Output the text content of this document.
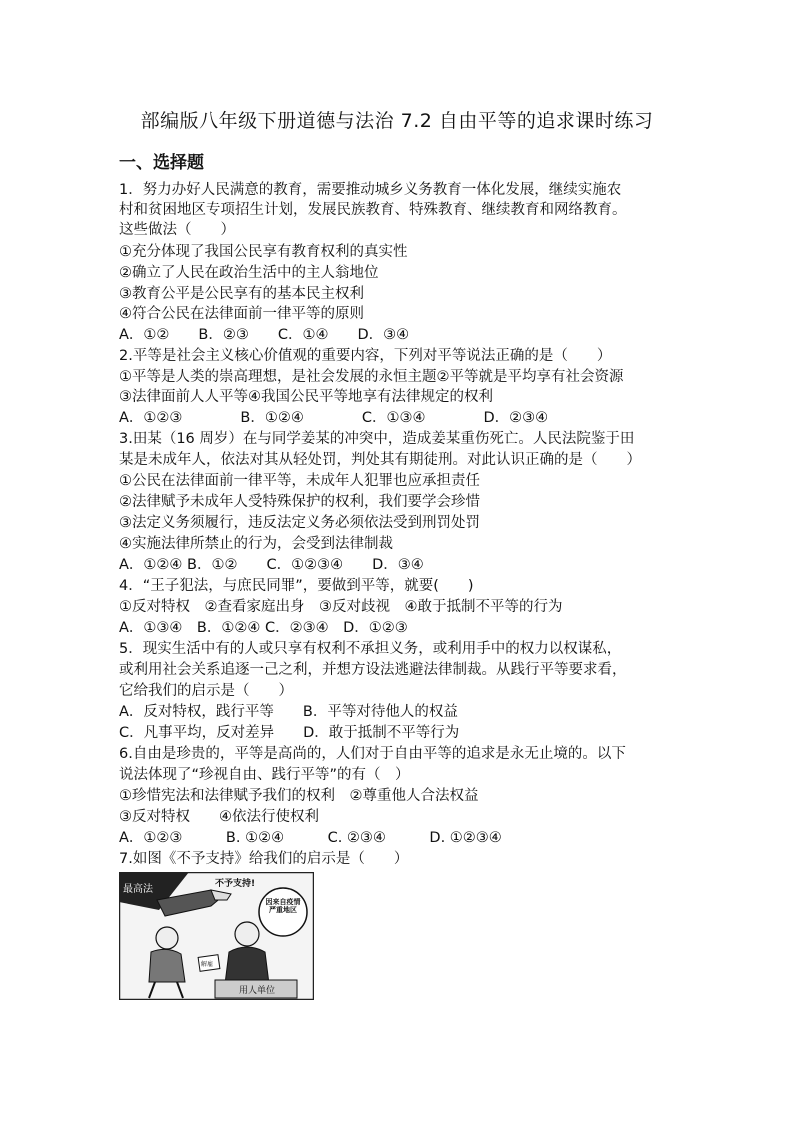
部编版八年级下册道德与法治 7.2 自由平等的追求课时练习
一、选择题
1．努力办好人民满意的教育，需要推动城乡义务教育一体化发展，继续实施农
村和贫困地区专项招生计划，发展民族教育、特殊教育、继续教育和网络教育。
这些做法（　　）
①充分体现了我国公民享有教育权利的真实性
②确立了人民在政治生活中的主人翁地位
③教育公平是公民享有的基本民主权利
④符合公民在法律面前一律平等的原则
A．①②　　B．②③　　C．①④　　D．③④
2.平等是社会主义核心价值观的重要内容，下列对平等说法正确的是（　　）
①平等是人类的崇高理想，是社会发展的永恒主题②平等就是平均享有社会资源
③法律面前人人平等④我国公民平等地享有法律规定的权利
A．①②③　　　　B．①②④　　　　C．①③④　　　　D．②③④
3.田某（16 周岁）在与同学姜某的冲突中，造成姜某重伤死亡。人民法院鉴于田
某是未成年人，依法对其从轻处罚，判处其有期徒刑。对此认识正确的是（　　）
①公民在法律面前一律平等，未成年人犯罪也应承担责任
②法律赋予未成年人受特殊保护的权利，我们要学会珍惜
③法定义务须履行，违反法定义务必须依法受到刑罚处罚
④实施法律所禁止的行为，会受到法律制裁
A．①②④ B．①②　　C．①②③④　　D．③④
4．“王子犯法，与庶民同罪”，要做到平等，就要(　　)
①反对特权　②查看家庭出身　③反对歧视　④敢于抵制不平等的行为
A．①③④　B．①②④ C．②③④　D．①②③
5．现实生活中有的人或只享有权利不承担义务，或利用手中的权力以权谋私，
或利用社会关系追逐一己之利，并想方设法逃避法律制裁。从践行平等要求看，
它给我们的启示是（　　）
A．反对特权，践行平等　　B．平等对待他人的权益
C．凡事平均，反对差异　　D．敢于抵制不平等行为
6.自由是珍贵的，平等是高尚的，人们对于自由平等的追求是永无止境的。以下
说法体现了“珍视自由、践行平等”的有（　）
①珍惜宪法和法律赋予我们的权利　②尊重他人合法权益
③反对特权　　④依法行使权利
A．①②③　　　B. ①②④　　　C. ②③④　　　D. ①②③④
7.如图《不予支持》给我们的启示是（　　）
最高法	不予支持!
因来自疫情严重地区
用人单位
解雇
